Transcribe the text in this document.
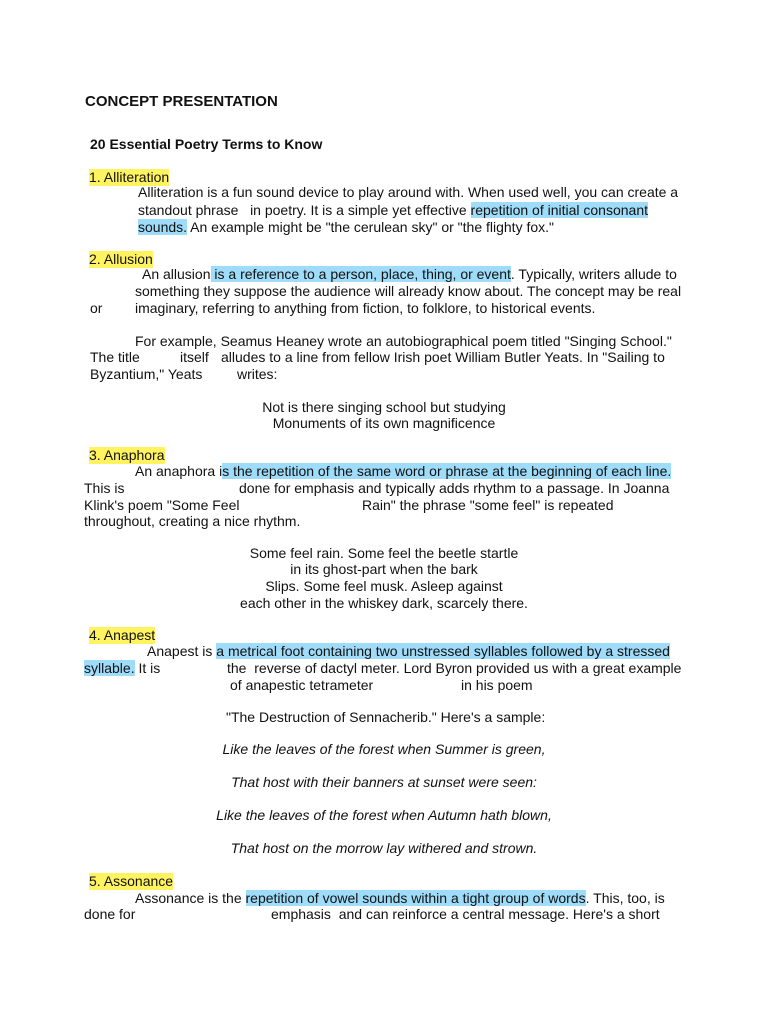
CONCEPT PRESENTATION
20 Essential Poetry Terms to Know
1. Alliteration
Alliteration is a fun sound device to play around with. When used well, you can create a
standout phrase   in poetry. It is a simple yet effective repetition of initial consonant
sounds. An example might be "the cerulean sky" or "the flighty fox."
2. Allusion
An allusion is a reference to a person, place, thing, or event. Typically, writers allude to
something they suppose the audience will already know about. The concept may be real
or imaginary, referring to anything from fiction, to folklore, to historical events.
For example, Seamus Heaney wrote an autobiographical poem titled "Singing School."
The title	itself alludes to a line from fellow Irish poet William Butler Yeats. In "Sailing to
Byzantium," Yeats writes:
Not is there singing school but studying
Monuments of its own magnificence
3. Anaphora
An anaphora is the repetition of the same word or phrase at the beginning of each line.
This is	done for emphasis and typically adds rhythm to a passage. In Joanna
Klink's poem "Some Feel	Rain" the phrase "some feel" is repeated
throughout, creating a nice rhythm.
Some feel rain. Some feel the beetle startle
in its ghost-part when the bark
Slips. Some feel musk. Asleep against
each other in the whiskey dark, scarcely there.
4. Anapest
Anapest is a metrical foot containing two unstressed syllables followed by a stressed
syllable. It is	the  reverse of dactyl meter. Lord Byron provided us with a great example
of anapestic tetrameter	in his poem
"The Destruction of Sennacherib." Here's a sample:
Like the leaves of the forest when Summer is green,
That host with their banners at sunset were seen:
Like the leaves of the forest when Autumn hath blown,
That host on the morrow lay withered and strown.
5. Assonance
Assonance is the repetition of vowel sounds within a tight group of words. This, too, is
done for	emphasis  and can reinforce a central message. Here's a short
